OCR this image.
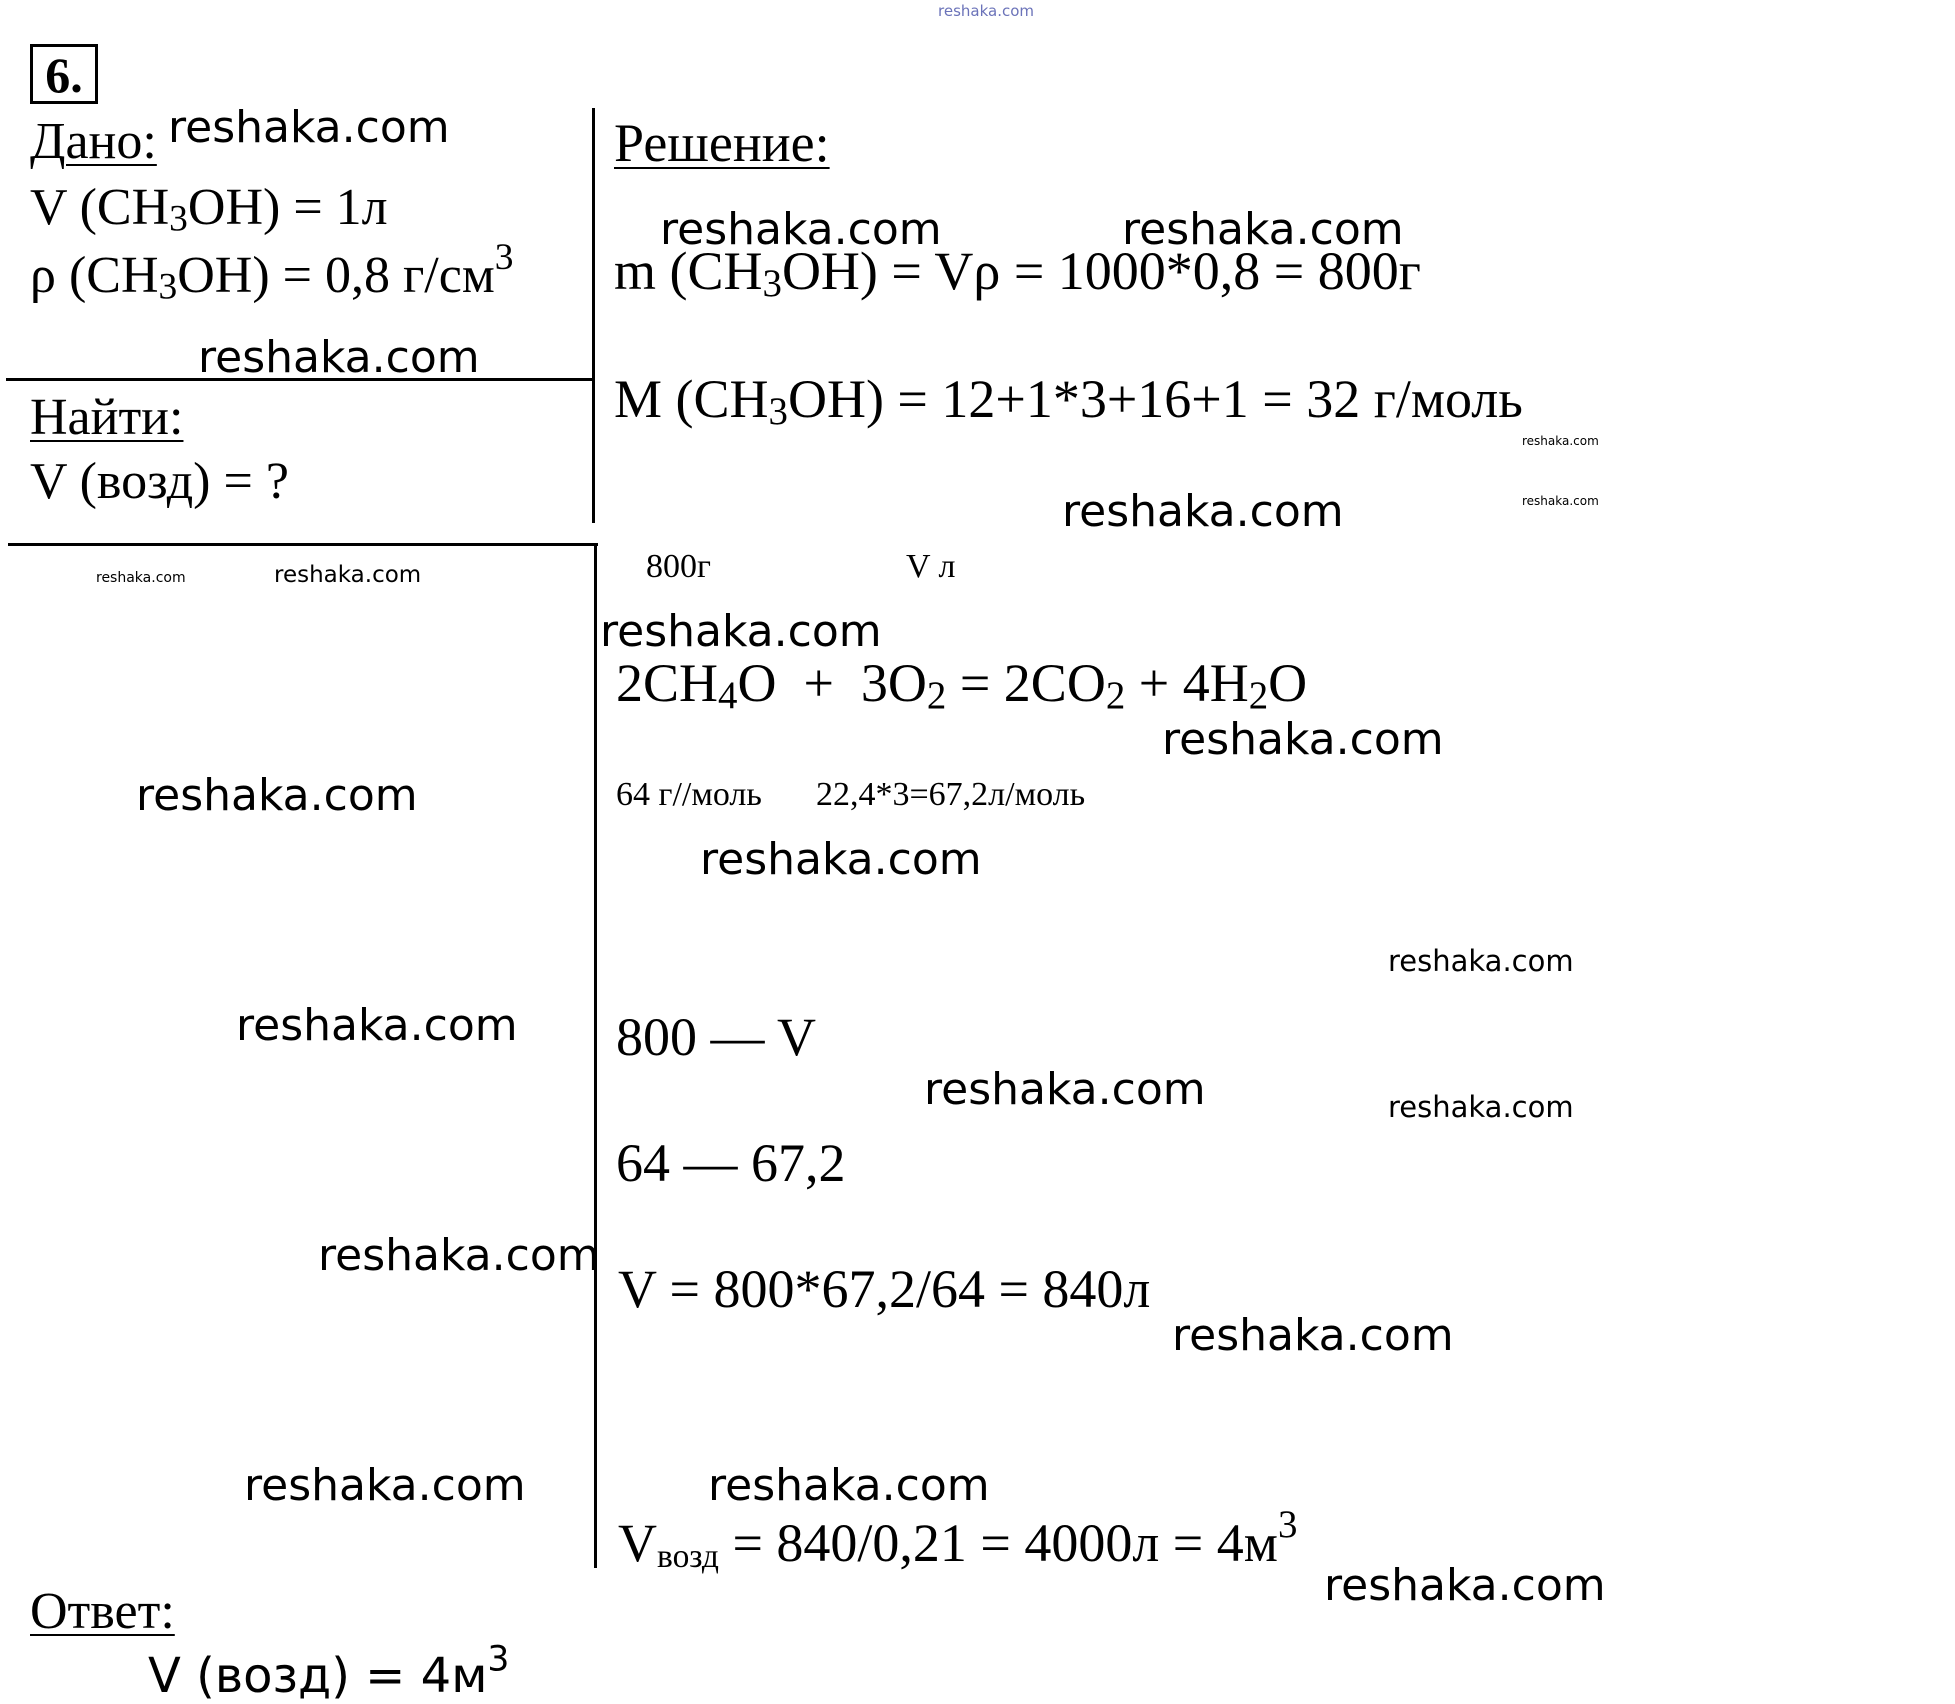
reshaka.com
6.
Дано:
V $(CH_3OH) = 1л$
ρ $(CH_3OH) = 0,8$ $г/см^3$
Найти:
V (возд) = ?
Решение:
m $(CH_3OH) = V\rho = 1000*0,8 = 800г$
M $(CH_3OH) = 12+1*3+16+1 = 32$ г/моль
800г	V л
$2CH_4O + 3O_2 = 2CO_2 + 4H_2O$
64 г//моль 22,4*3=67,2л/моль
800 — V
64 — 67,2
V = 800*67,2/64 = 840л
$V_{возд} = 840/0,21 = 4000л = 4м^3$
Ответ:
V (возд) = $4м^3$
reshaka.com
reshaka.com
reshaka.com	reshaka.com
reshaka.com
reshaka.com
reshaka.com
reshaka.com	reshaka.com
reshaka.com
reshaka.com
reshaka.com
reshaka.com
reshaka.com
reshaka.com
reshaka.com	reshaka.com
reshaka.com
reshaka.com
reshaka.com	reshaka.com
reshaka.com
